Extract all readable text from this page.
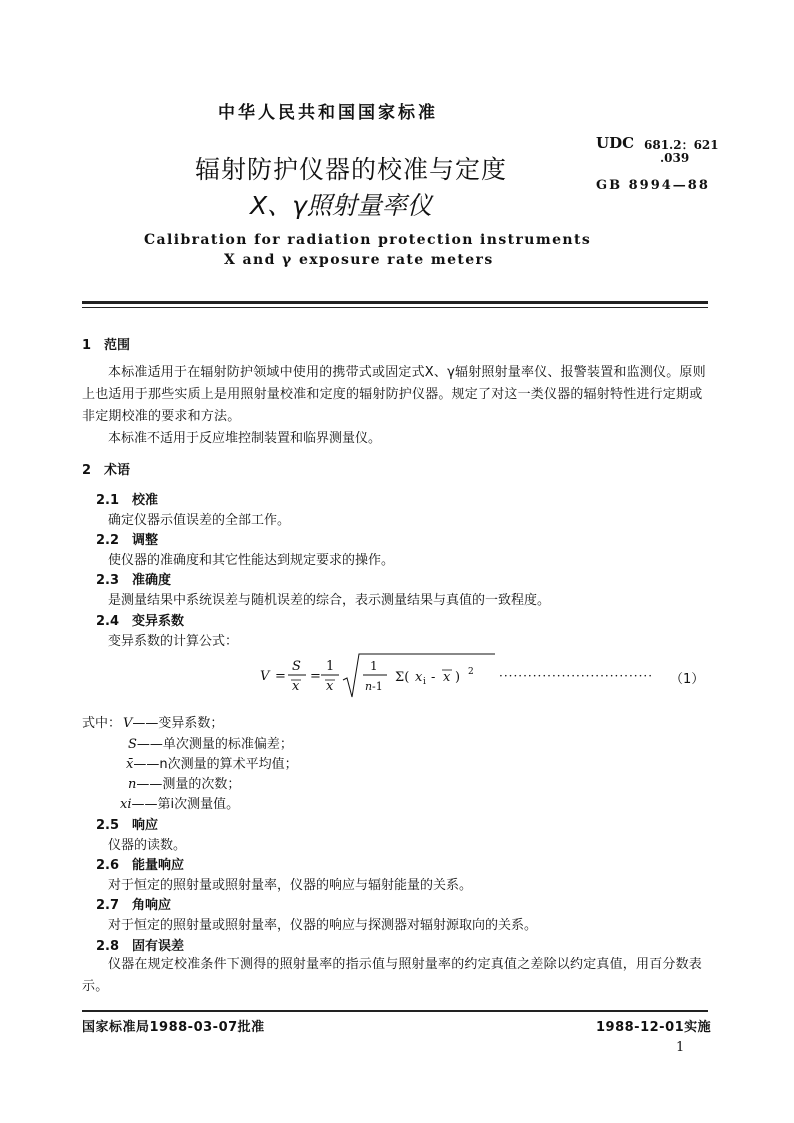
中华人民共和国国家标准
UDC 681.2：621
.039
GB 8994—88
辐射防护仪器的校准与定度
X、γ照射量率仪
Calibration for radiation protection instruments
X and γ exposure rate meters
1　范围
本标准适用于在辐射防护领域中使用的携带式或固定式X、γ辐射照射量率仪、报警装置和监测仪。原则上也适用于那些实质上是用照射量校准和定度的辐射防护仪器。规定了对这一类仪器的辐射特性进行定期或非定期校准的要求和方法。
本标准不适用于反应堆控制装置和临界测量仪。
2　术语
2.1　校准
确定仪器示值误差的全部工作。
2.2　调整
使仪器的准确度和其它性能达到规定要求的操作。
2.3　准确度
是测量结果中系统误差与随机误差的综合，表示测量结果与真值的一致程度。
2.4　变异系数
变异系数的计算公式：
V =
S
x
=
1
x
1
n -1
Σ( x i - x ) 2 ································ （1）
式中： V——变异系数；
S——单次测量的标准偏差；
x̄——n次测量的算术平均值；
n——测量的次数；
xi——第i次测量值。
2.5　响应
仪器的读数。
2.6　能量响应
对于恒定的照射量或照射量率，仪器的响应与辐射能量的关系。
2.7　角响应
对于恒定的照射量或照射量率，仪器的响应与探测器对辐射源取向的关系。
2.8　固有误差
仪器在规定校准条件下测得的照射量率的指示值与照射量率的约定真值之差除以约定真值，用百分数表示。
国家标准局1988-03-07批准	1988-12-01实施
1
